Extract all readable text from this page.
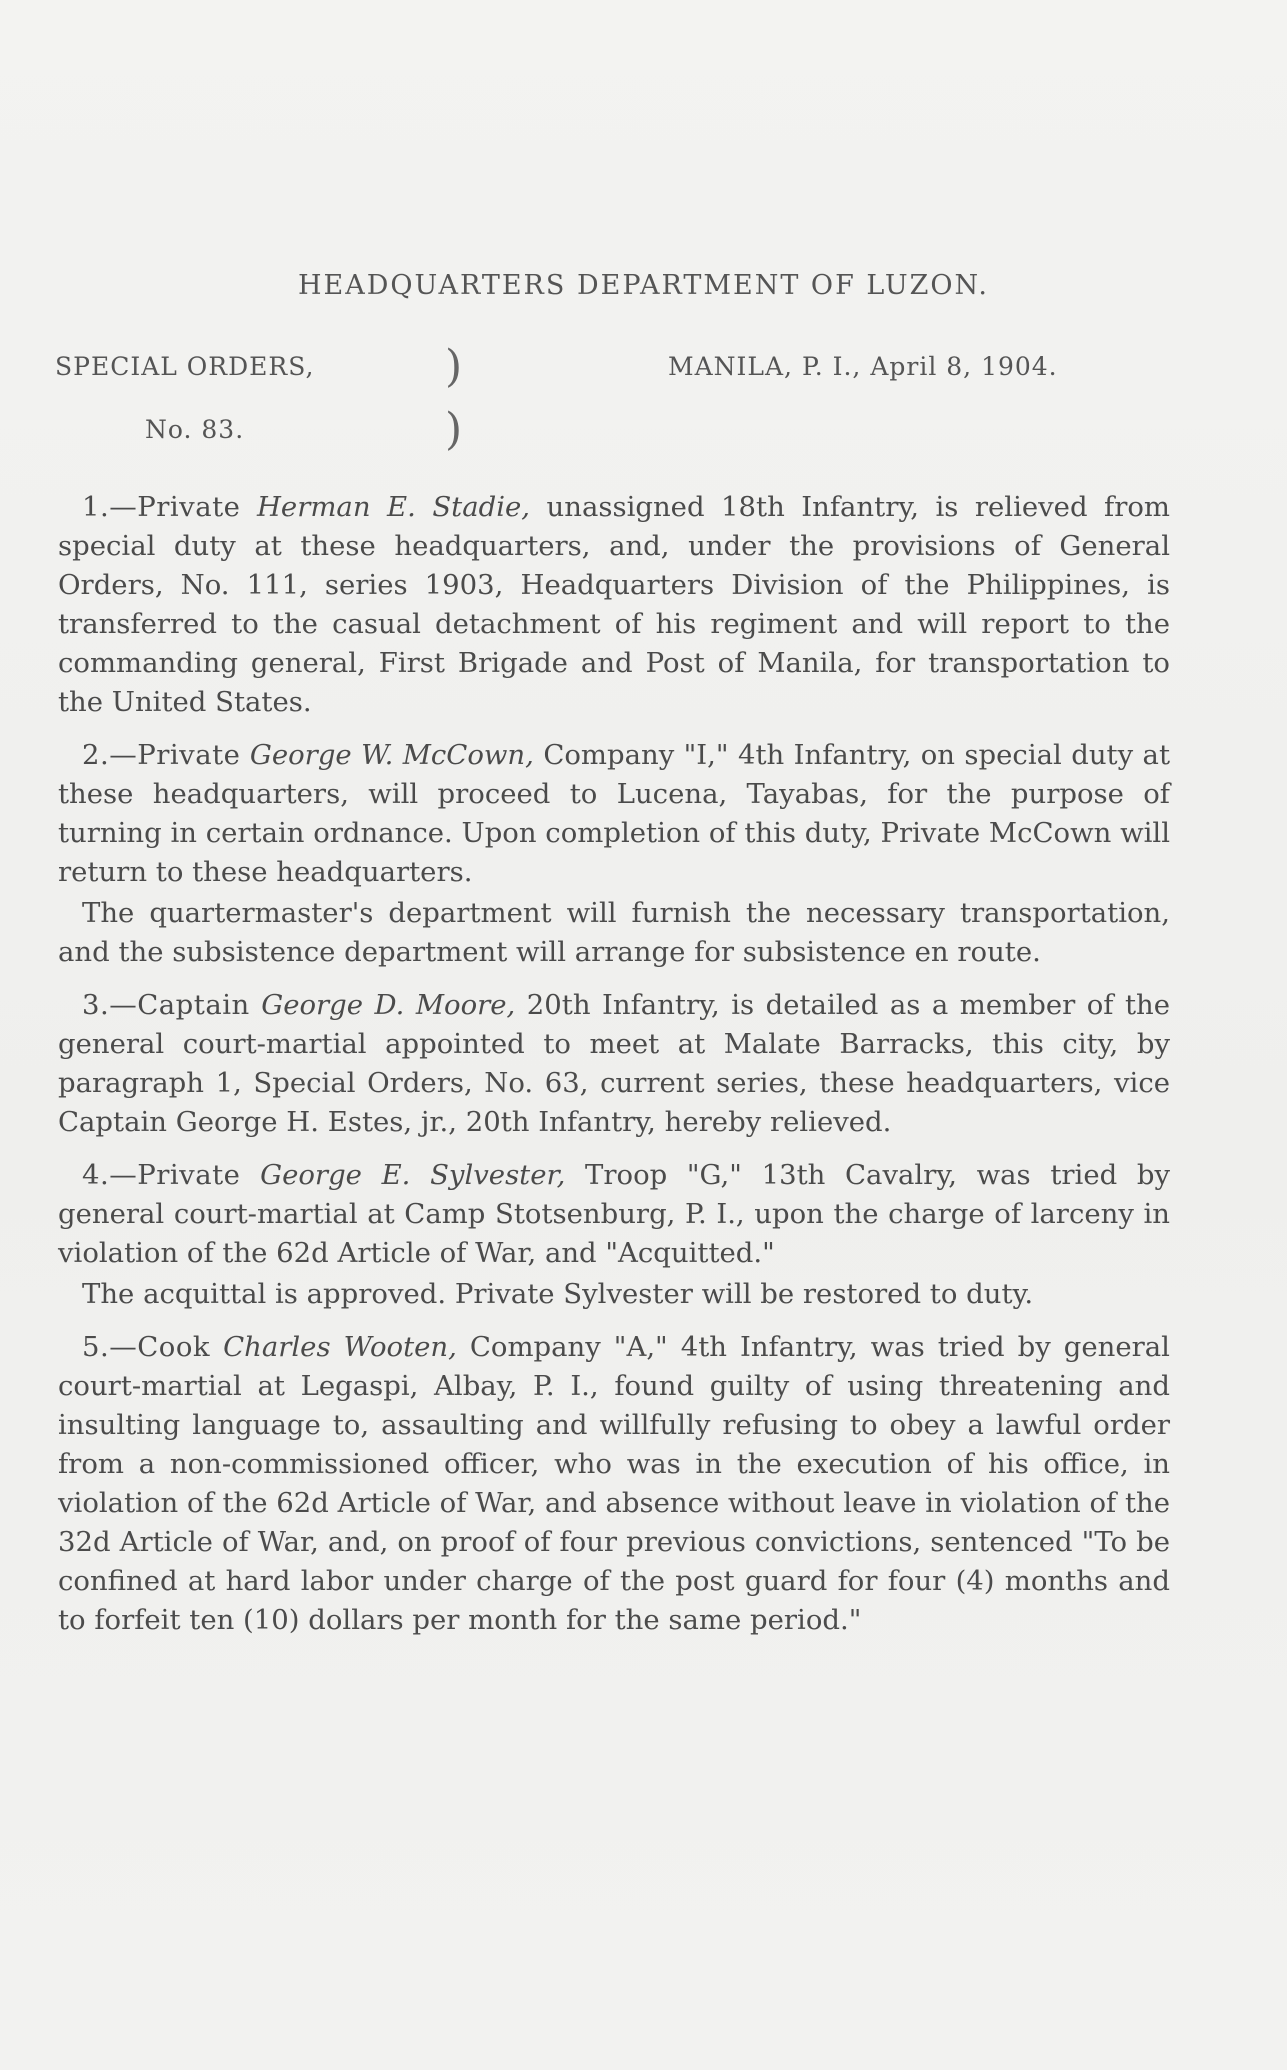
HEADQUARTERS DEPARTMENT OF LUZON.
SPECIAL ORDERS,	)
No. 83.	)
MANILA, P. I., April 8, 1904.

1.—Private Herman E. Stadie, unassigned 18th Infantry, is relieved from special duty at these headquarters, and, under the provisions of General Orders, No. 111, series 1903, Headquarters Division of the Philippines, is transferred to the casual detachment of his regiment and will report to the commanding general, First Brigade and Post of Manila, for transportation to the United States.

2.—Private George W. McCown, Company "I," 4th Infantry, on special duty at these headquarters, will proceed to Lucena, Tayabas, for the purpose of turning in certain ordnance. Upon completion of this duty, Private McCown will return to these headquarters.

The quartermaster's department will furnish the necessary transportation, and the subsistence department will arrange for subsistence en route.

3.—Captain George D. Moore, 20th Infantry, is detailed as a member of the general court-martial appointed to meet at Malate Barracks, this city, by paragraph 1, Special Orders, No. 63, current series, these headquarters, vice Captain George H. Estes, jr., 20th Infantry, hereby relieved.

4.—Private George E. Sylvester, Troop "G," 13th Cavalry, was tried by general court-martial at Camp Stotsenburg, P. I., upon the charge of larceny in violation of the 62d Article of War, and "Acquitted."

The acquittal is approved. Private Sylvester will be restored to duty.

5.—Cook Charles Wooten, Company "A," 4th Infantry, was tried by general court-martial at Legaspi, Albay, P. I., found guilty of using threatening and insulting language to, assaulting and willfully refusing to obey a lawful order from a non-commissioned officer, who was in the execution of his office, in violation of the 62d Article of War, and absence without leave in violation of the 32d Article of War, and, on proof of four previous convictions, sentenced "To be confined at hard labor under charge of the post guard for four (4) months and to forfeit ten (10) dollars per month for the same period."
